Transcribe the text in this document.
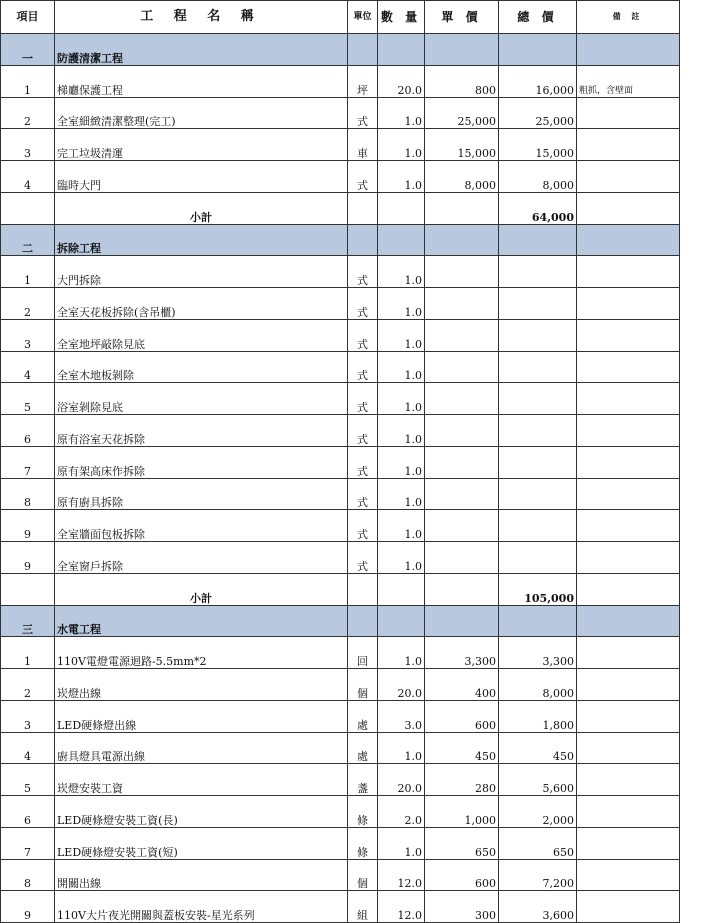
項目	工 程 名 稱	單位	數 量	單 價	總 價	備 註
一	防護清潔工程					
1	梯廳保護工程	坪	20.0	800	16,000	粗抓，含壁面
2	全室細緻清潔整理(完工)	式	1.0	25,000	25,000	
3	完工垃圾清運	車	1.0	15,000	15,000	
4	臨時大門	式	1.0	8,000	8,000	
	小計				64,000	
二	拆除工程					
1	大門拆除	式	1.0			
2	全室天花板拆除(含吊櫃)	式	1.0			
3	全室地坪敲除見底	式	1.0			
4	全室木地板剝除	式	1.0			
5	浴室剝除見底	式	1.0			
6	原有浴室天花拆除	式	1.0			
7	原有架高床作拆除	式	1.0			
8	原有廚具拆除	式	1.0			
9	全室牆面包板拆除	式	1.0			
9	全室窗戶拆除	式	1.0			
	小計				105,000	
三	水電工程					
1	110V電燈電源迴路-5.5mm*2	回	1.0	3,300	3,300	
2	崁燈出線	個	20.0	400	8,000	
3	LED硬條燈出線	處	3.0	600	1,800	
4	廚具燈具電源出線	處	1.0	450	450	
5	崁燈安裝工資	盞	20.0	280	5,600	
6	LED硬條燈安裝工資(長)	條	2.0	1,000	2,000	
7	LED硬條燈安裝工資(短)	條	1.0	650	650	
8	開關出線	個	12.0	600	7,200	
9	110V大片夜光開關與蓋板安裝-星光系列	組	12.0	300	3,600	
